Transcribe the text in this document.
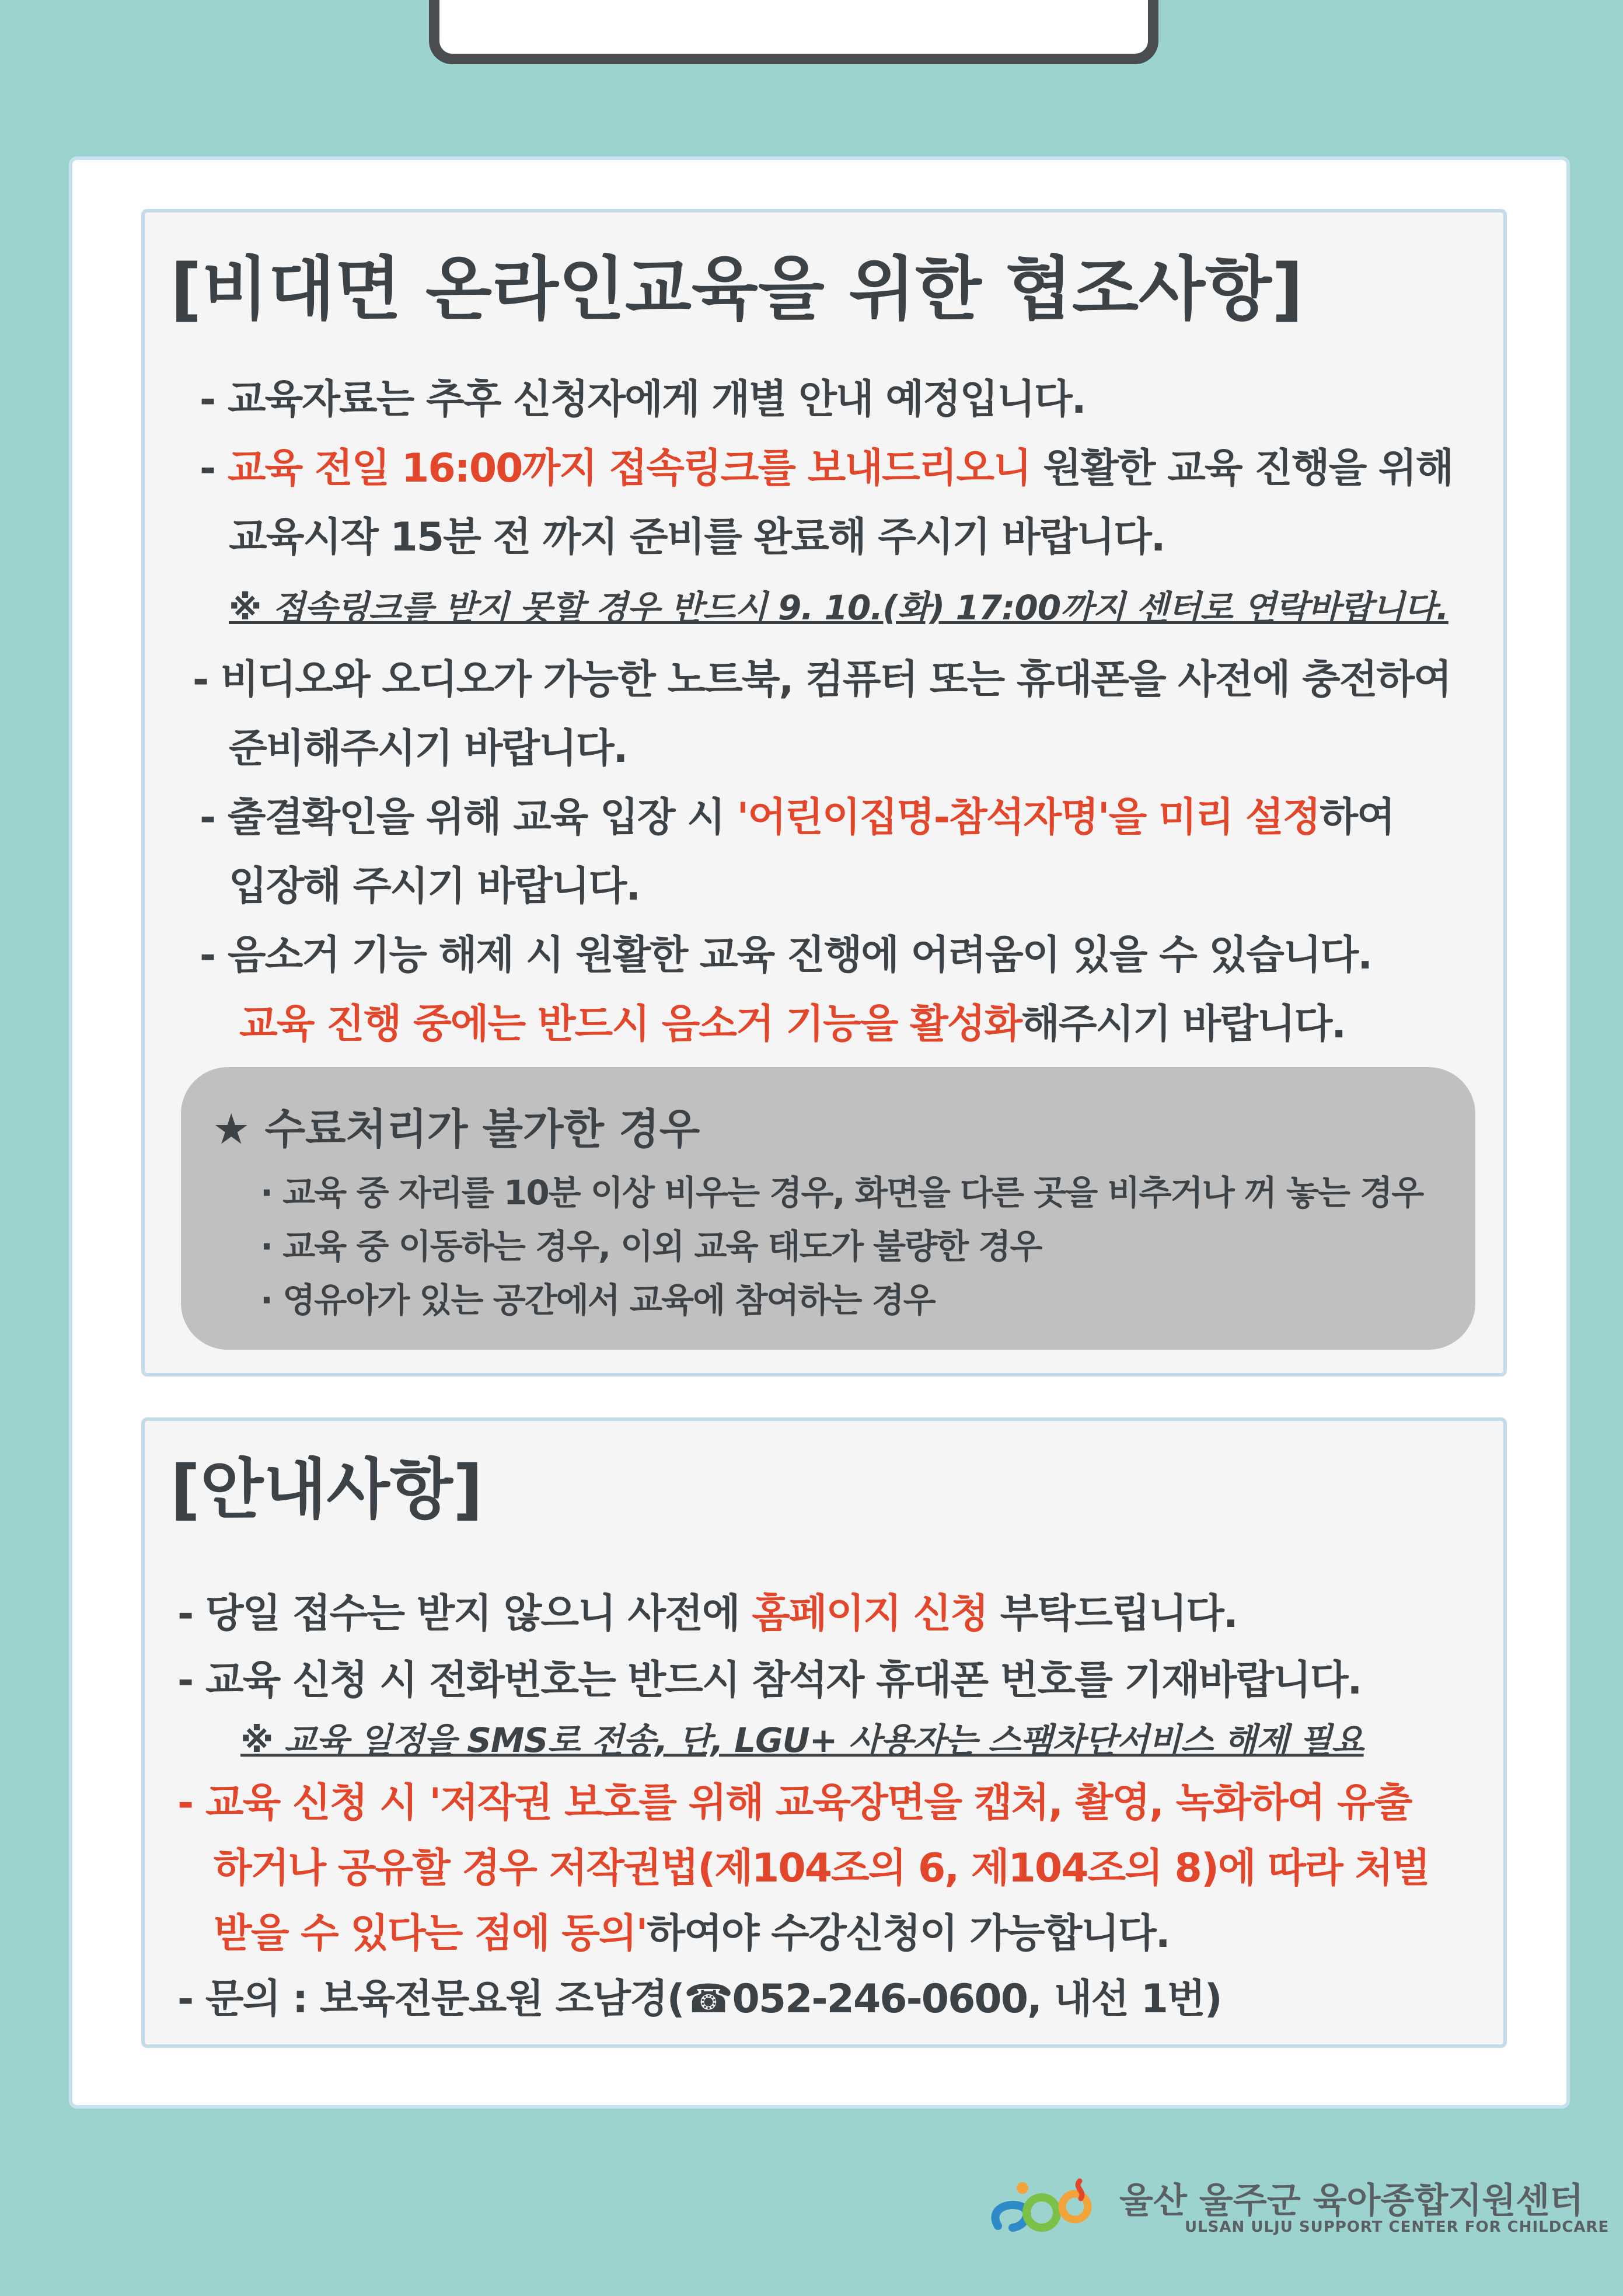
[비대면 온라인교육을 위한 협조사항]
- 교육자료는 추후 신청자에게 개별 안내 예정입니다.
- 교육 전일 16:00까지 접속링크를 보내드리오니 원활한 교육 진행을 위해
교육시작 15분 전 까지 준비를 완료해 주시기 바랍니다.
※ 접속링크를 받지 못할 경우 반드시 9. 10.(화) 17:00까지 센터로 연락바랍니다.
- 비디오와 오디오가 가능한 노트북, 컴퓨터 또는 휴대폰을 사전에 충전하여
준비해주시기 바랍니다.
- 출결확인을 위해 교육 입장 시 '어린이집명-참석자명'을 미리 설정하여
입장해 주시기 바랍니다.
- 음소거 기능 해제 시 원활한 교육 진행에 어려움이 있을 수 있습니다.
교육 진행 중에는 반드시 음소거 기능을 활성화해주시기 바랍니다.
★ 수료처리가 불가한 경우
· 교육 중 자리를 10분 이상 비우는 경우, 화면을 다른 곳을 비추거나 꺼 놓는 경우
· 교육 중 이동하는 경우, 이외 교육 태도가 불량한 경우
· 영유아가 있는 공간에서 교육에 참여하는 경우
[안내사항]
- 당일 접수는 받지 않으니 사전에 홈페이지 신청 부탁드립니다.
- 교육 신청 시 전화번호는 반드시 참석자 휴대폰 번호를 기재바랍니다.
※ 교육 일정을 SMS로 전송, 단, LGU+ 사용자는 스팸차단서비스 해제 필요
- 교육 신청 시 '저작권 보호를 위해 교육장면을 캡처, 촬영, 녹화하여 유출
하거나 공유할 경우 저작권법(제104조의 6, 제104조의 8)에 따라 처벌
받을 수 있다는 점에 동의'하여야 수강신청이 가능합니다.
- 문의 : 보육전문요원 조남경(☎052-246-0600, 내선 1번)
울산 울주군 육아종합지원센터
ULSAN ULJU SUPPORT CENTER FOR CHILDCARE
